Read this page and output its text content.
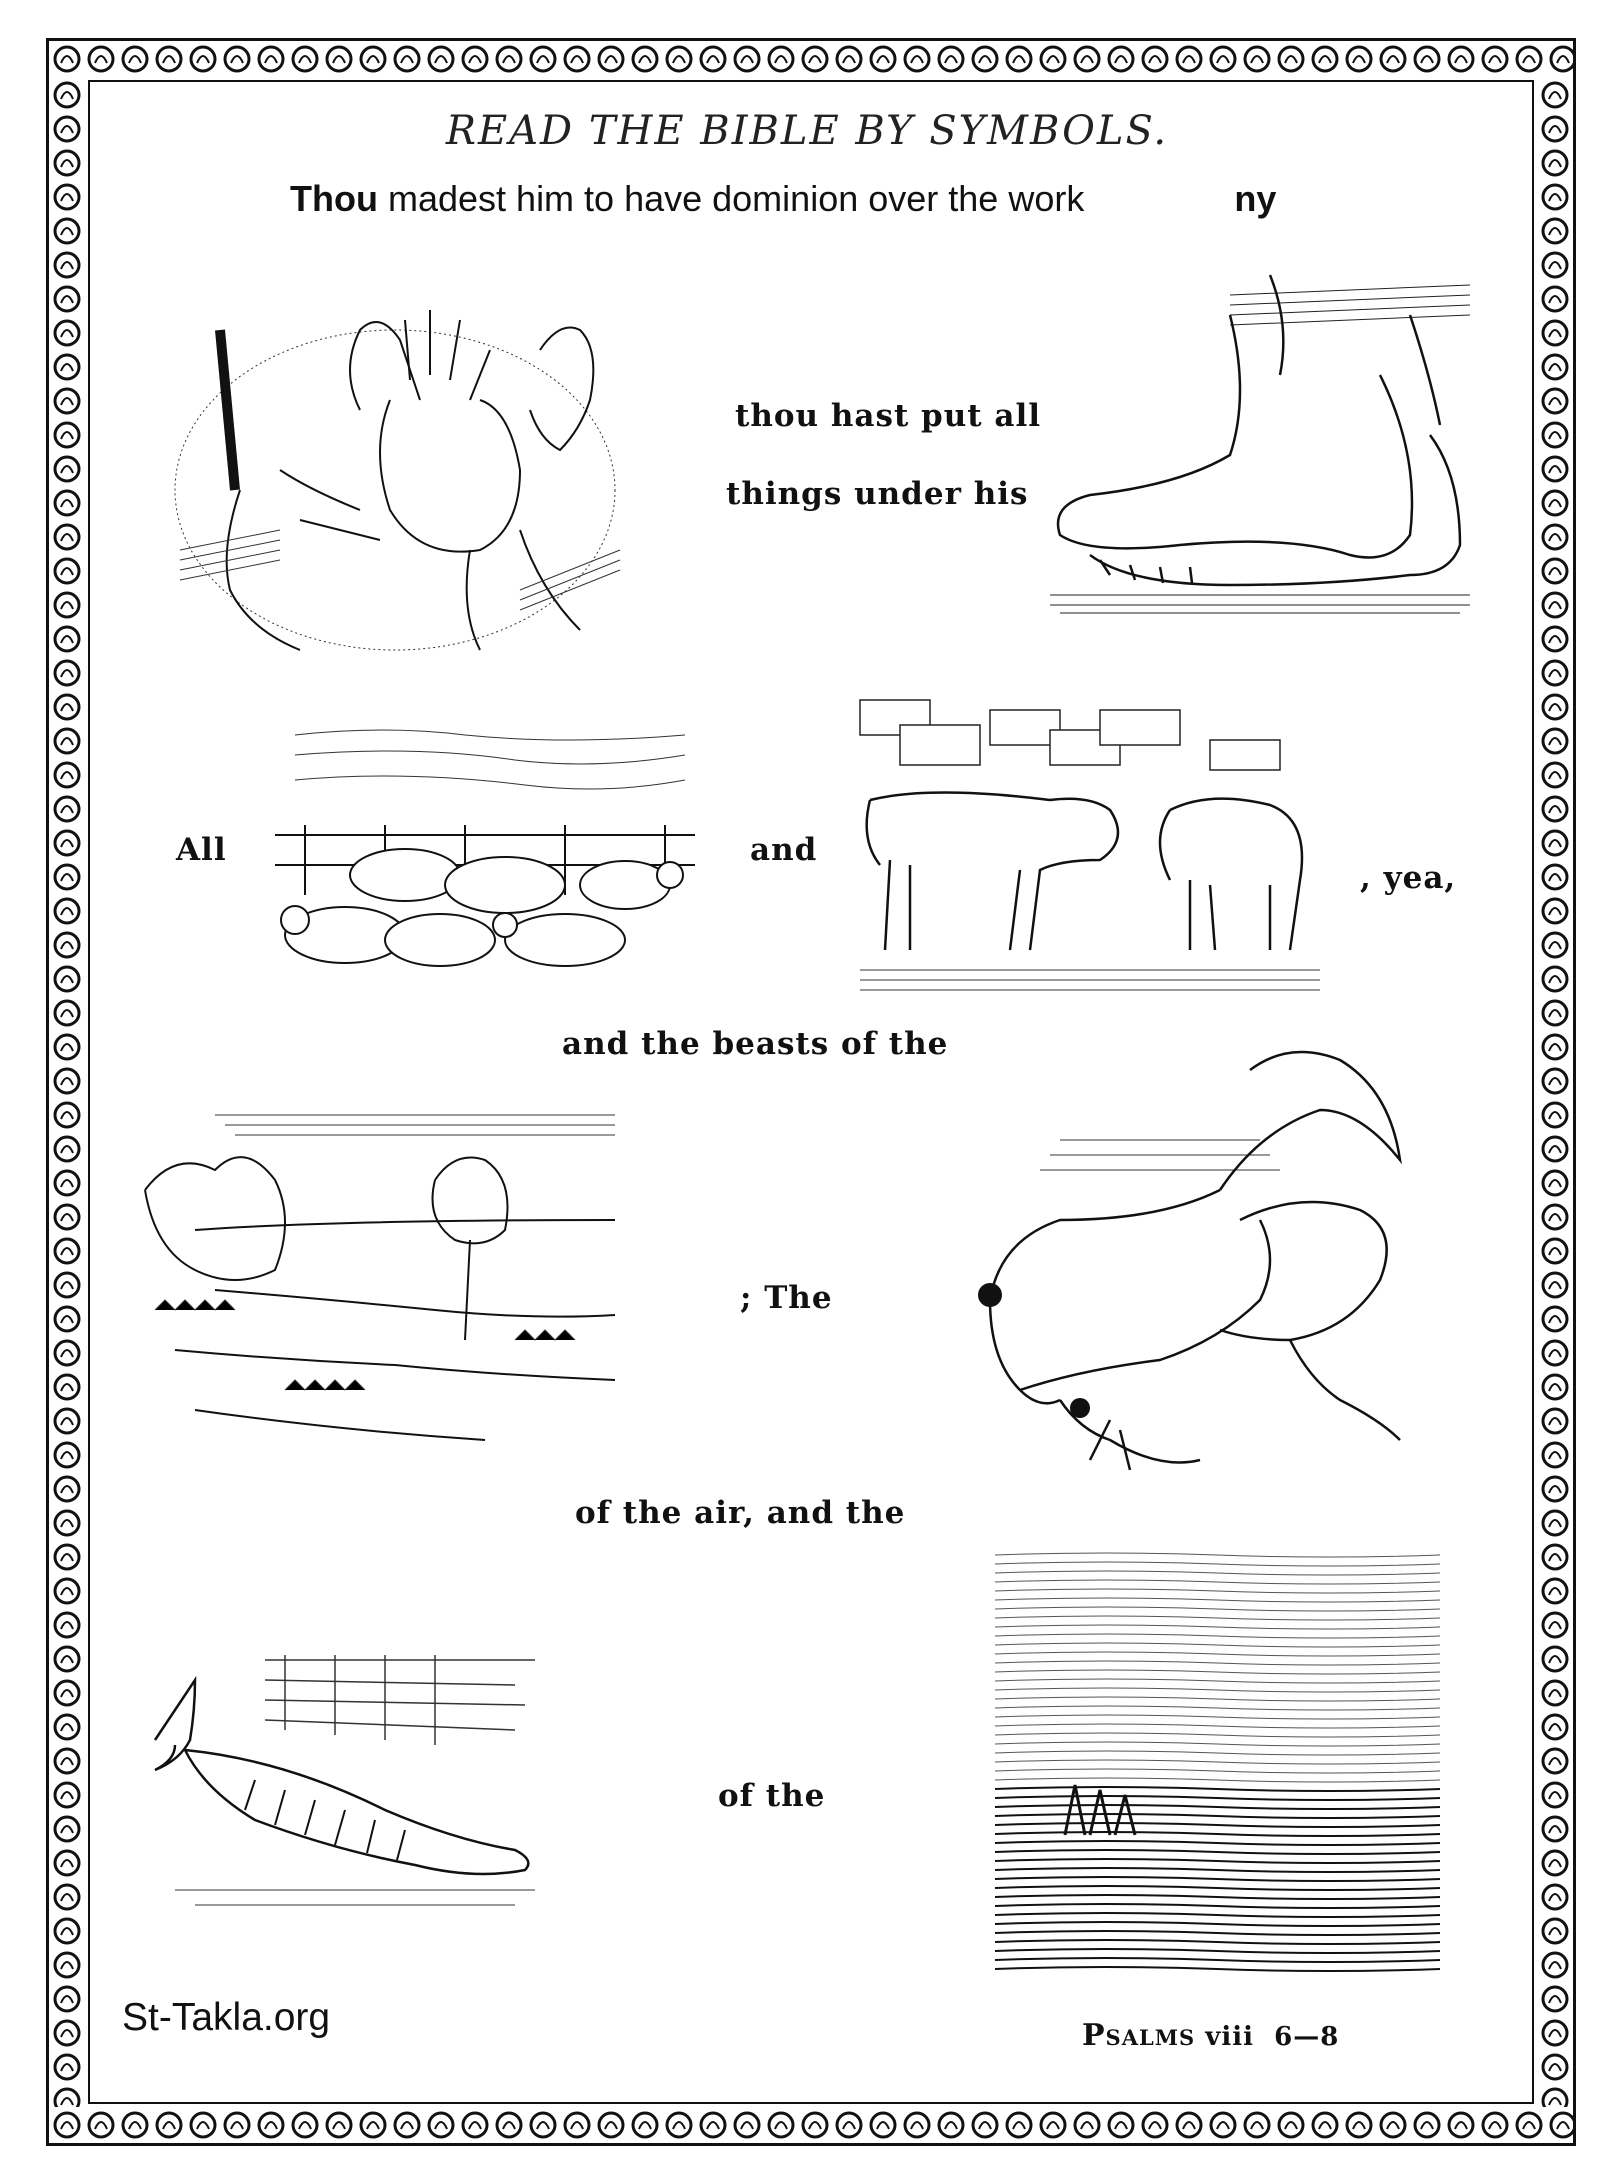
READ THE BIBLE BY SYMBOLS.
Thou madest him to have dominion over the work	ny
thou hast put all
things under his
All	and
, yea,
and the beasts of the
; The
of the air, and the
of the
St-Takla.org	Psalms viii 6—8
